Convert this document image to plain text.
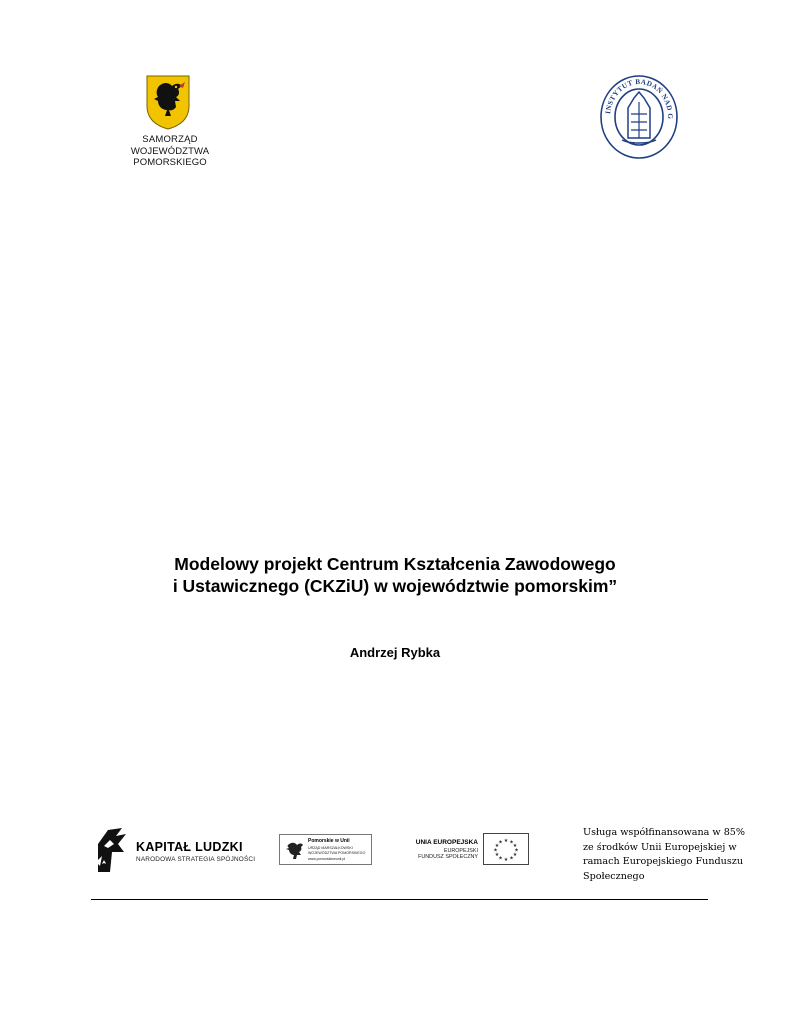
SAMORZĄD
WOJEWÓDZTWA POMORSKIEGO
INSTYTUT BADAŃ NAD G

Modelowy projekt Centrum Kształcenia Zawodowego

i Ustawicznego (CKZiU) w województwie pomorskim”

Andrzej Rybka
KAPITAŁ LUDZKI
NARODOWA STRATEGIA SPÓJNOŚCI
Pomorskie w Unii
URZĄD MARSZAŁKOWSKI
WOJEWÓDZTWA POMORSKIEGO
www.pomorskiewunii.pl
UNIA EUROPEJSKA
EUROPEJSKI
FUNDUSZ SPOŁECZNY
★ ★
★
★
★
★
★
★
★
★
★
★
Usługa współfinansowana w 85%
ze środków Unii Europejskiej w
ramach Europejskiego Funduszu
Społecznego
